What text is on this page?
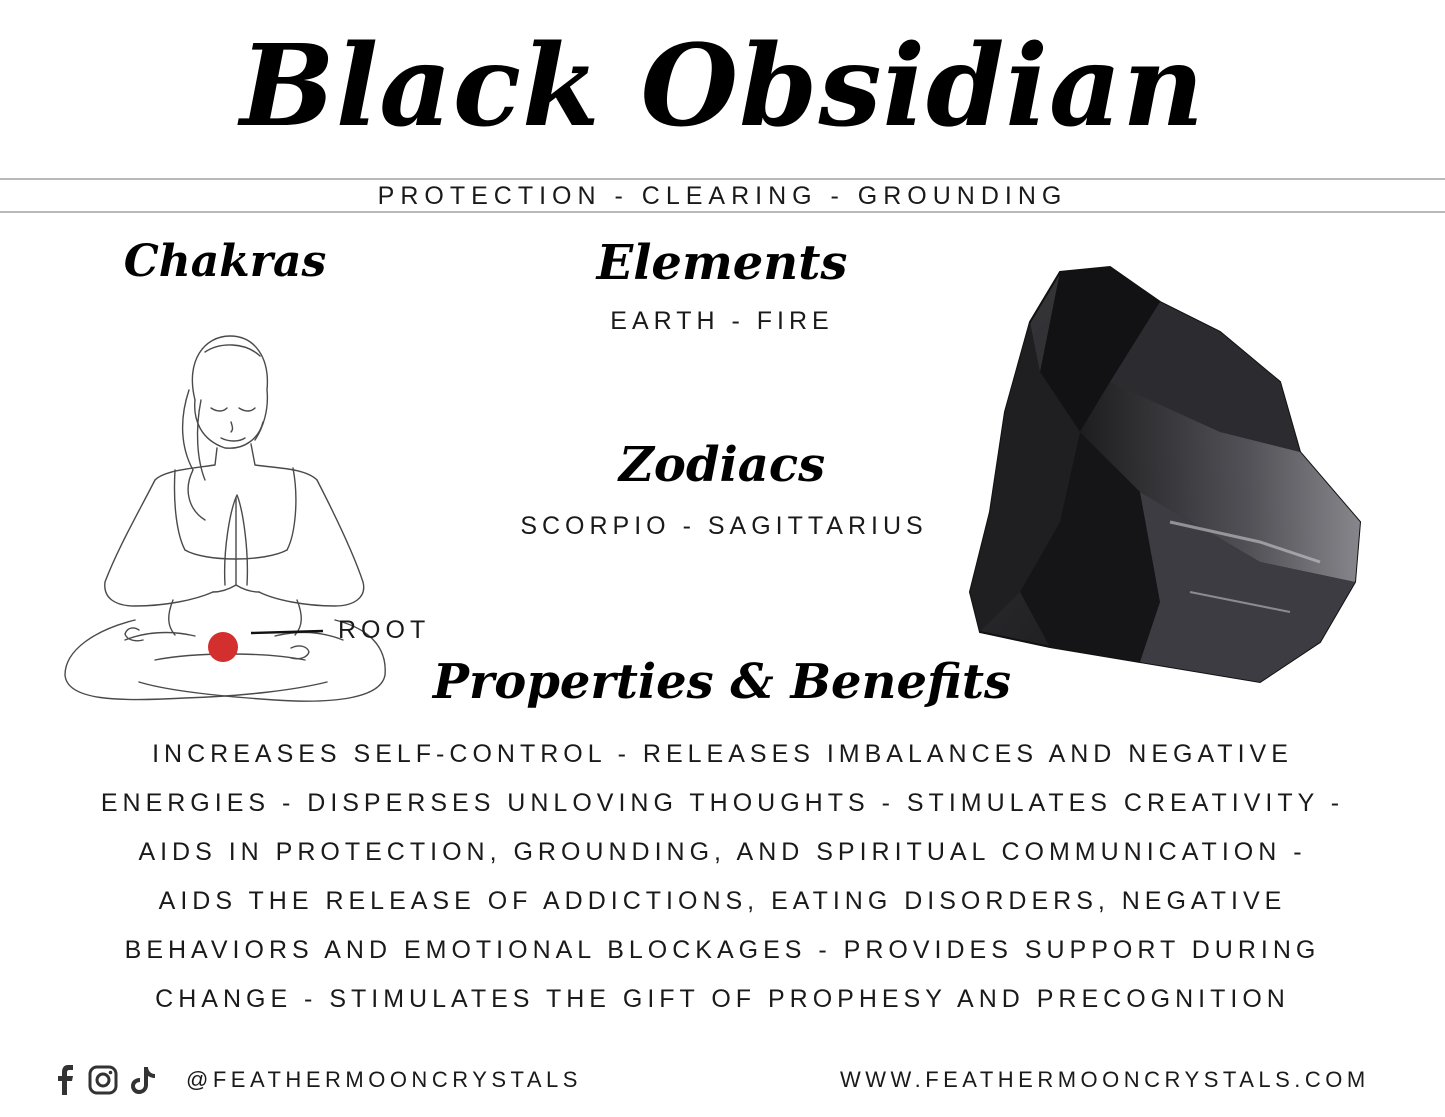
Black Obsidian
PROTECTION - CLEARING - GROUNDING
Chakras
ROOT
Elements
EARTH - FIRE
Zodiacs
SCORPIO - SAGITTARIUS
Properties & Benefits
INCREASES SELF-CONTROL - RELEASES IMBALANCES AND NEGATIVE
ENERGIES - DISPERSES UNLOVING THOUGHTS - STIMULATES CREATIVITY -
AIDS IN PROTECTION, GROUNDING, AND SPIRITUAL COMMUNICATION -
AIDS THE RELEASE OF ADDICTIONS, EATING DISORDERS, NEGATIVE
BEHAVIORS AND EMOTIONAL BLOCKAGES - PROVIDES SUPPORT DURING
CHANGE - STIMULATES THE GIFT OF PROPHESY AND PRECOGNITION
@FEATHERMOONCRYSTALS	WWW.FEATHERMOONCRYSTALS.COM
